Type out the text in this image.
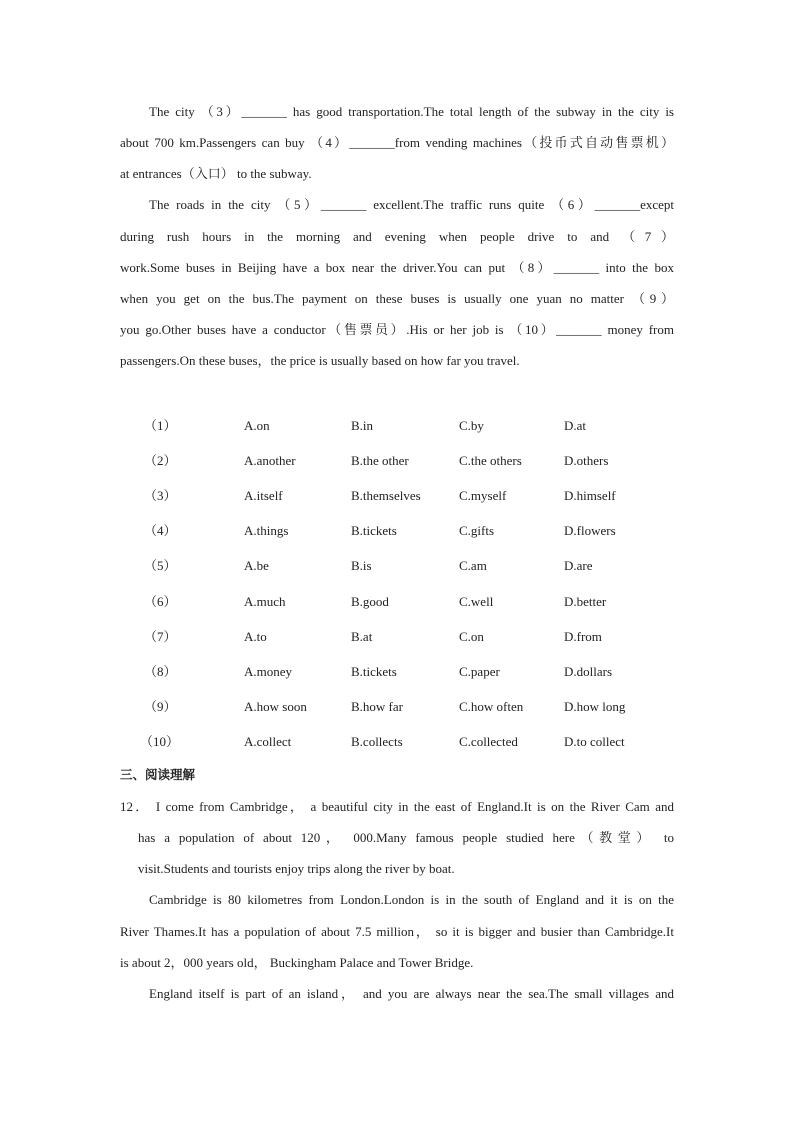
The city （3）_______ has good transportation.The total length of the subway in the city is
about 700 km.Passengers can buy （4）_______from vending machines（投币式自动售票机）
at entrances（入口） to the subway.
The roads in the city （5）_______ excellent.The traffic runs quite （6）_______except
during rush hours in the morning and evening when people drive to and （7）
work.Some buses in Beijing have a box near the driver.You can put （8）_______ into the box
when you get on the bus.The payment on these buses is usually one yuan no matter （9）
you go.Other buses have a conductor（售票员）.His or her job is （10）_______ money from
passengers.On these buses，the price is usually based on how far you travel.
（1）	A.on	B.in	C.by	D.at
（2）	A.another	B.the other	C.the others	D.others
（3）	A.itself	B.themselves	C.myself	D.himself
（4）	A.things	B.tickets	C.gifts	D.flowers
（5）	A.be	B.is	C.am	D.are
（6）	A.much	B.good	C.well	D.better
（7）	A.to	B.at	C.on	D.from
（8）	A.money	B.tickets	C.paper	D.dollars
（9）	A.how soon	B.how far	C.how often	D.how long
（10）	A.collect	B.collects	C.collected	D.to collect
三、阅读理解
12． I come from Cambridge， a beautiful city in the east of England.It is on the River Cam and
has a population of about 120， 000.Many famous people studied here（教堂） to
visit.Students and tourists enjoy trips along the river by boat.
Cambridge is 80 kilometres from London.London is in the south of England and it is on the
River Thames.It has a population of about 7.5 million， so it is bigger and busier than Cambridge.It
is about 2，000 years old， Buckingham Palace and Tower Bridge.
England itself is part of an island， and you are always near the sea.The small villages and
